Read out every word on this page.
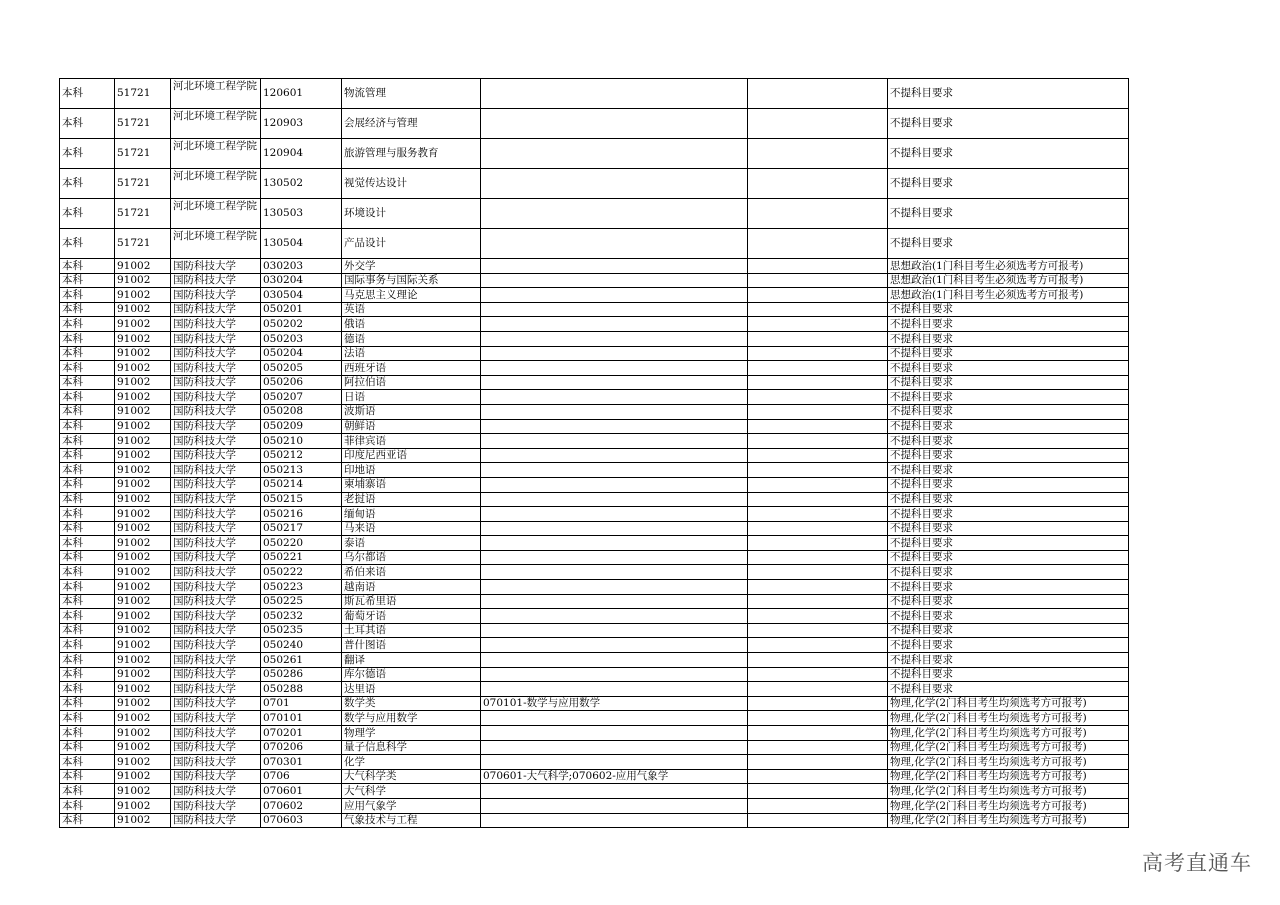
本科	51721	河北环境工程学院	120601	物流管理			不提科目要求
本科	51721	河北环境工程学院	120903	会展经济与管理			不提科目要求
本科	51721	河北环境工程学院	120904	旅游管理与服务教育			不提科目要求
本科	51721	河北环境工程学院	130502	视觉传达设计			不提科目要求
本科	51721	河北环境工程学院	130503	环境设计			不提科目要求
本科	51721	河北环境工程学院	130504	产品设计			不提科目要求
本科	91002	国防科技大学	030203	外交学			思想政治(1门科目考生必须选考方可报考)
本科	91002	国防科技大学	030204	国际事务与国际关系			思想政治(1门科目考生必须选考方可报考)
本科	91002	国防科技大学	030504	马克思主义理论			思想政治(1门科目考生必须选考方可报考)
本科	91002	国防科技大学	050201	英语			不提科目要求
本科	91002	国防科技大学	050202	俄语			不提科目要求
本科	91002	国防科技大学	050203	德语			不提科目要求
本科	91002	国防科技大学	050204	法语			不提科目要求
本科	91002	国防科技大学	050205	西班牙语			不提科目要求
本科	91002	国防科技大学	050206	阿拉伯语			不提科目要求
本科	91002	国防科技大学	050207	日语			不提科目要求
本科	91002	国防科技大学	050208	波斯语			不提科目要求
本科	91002	国防科技大学	050209	朝鲜语			不提科目要求
本科	91002	国防科技大学	050210	菲律宾语			不提科目要求
本科	91002	国防科技大学	050212	印度尼西亚语			不提科目要求
本科	91002	国防科技大学	050213	印地语			不提科目要求
本科	91002	国防科技大学	050214	柬埔寨语			不提科目要求
本科	91002	国防科技大学	050215	老挝语			不提科目要求
本科	91002	国防科技大学	050216	缅甸语			不提科目要求
本科	91002	国防科技大学	050217	马来语			不提科目要求
本科	91002	国防科技大学	050220	泰语			不提科目要求
本科	91002	国防科技大学	050221	乌尔都语			不提科目要求
本科	91002	国防科技大学	050222	希伯来语			不提科目要求
本科	91002	国防科技大学	050223	越南语			不提科目要求
本科	91002	国防科技大学	050225	斯瓦希里语			不提科目要求
本科	91002	国防科技大学	050232	葡萄牙语			不提科目要求
本科	91002	国防科技大学	050235	土耳其语			不提科目要求
本科	91002	国防科技大学	050240	普什图语			不提科目要求
本科	91002	国防科技大学	050261	翻译			不提科目要求
本科	91002	国防科技大学	050286	库尔德语			不提科目要求
本科	91002	国防科技大学	050288	达里语			不提科目要求
本科	91002	国防科技大学	0701	数学类	070101-数学与应用数学		物理,化学(2门科目考生均须选考方可报考)
本科	91002	国防科技大学	070101	数学与应用数学			物理,化学(2门科目考生均须选考方可报考)
本科	91002	国防科技大学	070201	物理学			物理,化学(2门科目考生均须选考方可报考)
本科	91002	国防科技大学	070206	量子信息科学			物理,化学(2门科目考生均须选考方可报考)
本科	91002	国防科技大学	070301	化学			物理,化学(2门科目考生均须选考方可报考)
本科	91002	国防科技大学	0706	大气科学类	070601-大气科学;070602-应用气象学		物理,化学(2门科目考生均须选考方可报考)
本科	91002	国防科技大学	070601	大气科学			物理,化学(2门科目考生均须选考方可报考)
本科	91002	国防科技大学	070602	应用气象学			物理,化学(2门科目考生均须选考方可报考)
本科	91002	国防科技大学	070603	气象技术与工程			物理,化学(2门科目考生均须选考方可报考)
高考直通车
